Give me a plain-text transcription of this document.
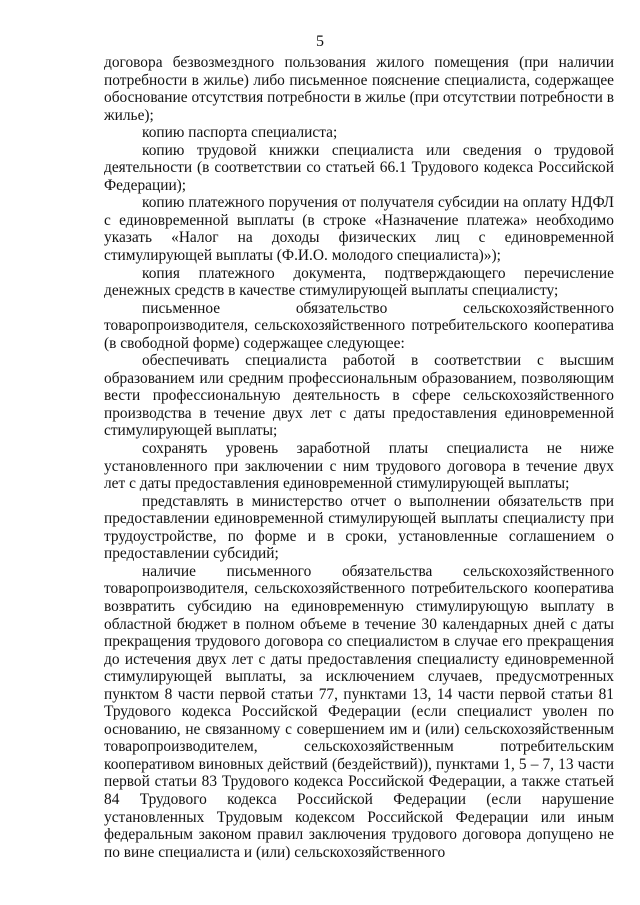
5

договора безвозмездного пользования жилого помещения (при наличии потребности в жилье) либо письменное пояснение специалиста, содержащее обоснование отсутствия потребности в жилье (при отсутствии потребности в жилье);

копию паспорта специалиста;

копию трудовой книжки специалиста или сведения о трудовой деятельности (в соответствии со статьей 66.1 Трудового кодекса Российской Федерации);

копию платежного поручения от получателя субсидии на оплату НДФЛ с единовременной выплаты (в строке «Назначение платежа» необходимо указать «Налог на доходы физических лиц с единовременной стимулирующей выплаты (Ф.И.О. молодого специалиста)»);

копия платежного документа, подтверждающего перечисление денежных средств в качестве стимулирующей выплаты специалисту;

письменное обязательство сельскохозяйственного товаропроизводителя, сельскохозяйственного потребительского кооператива (в свободной форме) содержащее следующее:

обеспечивать специалиста работой в соответствии с высшим образованием или средним профессиональным образованием, позволяющим вести профессиональную деятельность в сфере сельскохозяйственного производства в течение двух лет с даты предоставления единовременной стимулирующей выплаты;

сохранять уровень заработной платы специалиста не ниже установленного при заключении с ним трудового договора в течение двух лет с даты предоставления единовременной стимулирующей выплаты;

представлять в министерство отчет о выполнении обязательств при предоставлении единовременной стимулирующей выплаты специалисту при трудоустройстве, по форме и в сроки, установленные соглашением о предоставлении субсидий;

наличие письменного обязательства сельскохозяйственного товаропроизводителя, сельскохозяйственного потребительского кооператива возвратить субсидию на единовременную стимулирующую выплату в областной бюджет в полном объеме в течение 30 календарных дней с даты прекращения трудового договора со специалистом в случае его прекращения до истечения двух лет с даты предоставления специалисту единовременной стимулирующей выплаты, за исключением случаев, предусмотренных пунктом 8 части первой статьи 77, пунктами 13, 14 части первой статьи 81 Трудового кодекса Российской Федерации (если специалист уволен по основанию, не связанному с совершением им и (или) сельскохозяйственным товаропроизводителем, сельскохозяйственным потребительским кооперативом виновных действий (бездействий)), пунктами 1, 5 – 7, 13 части первой статьи 83 Трудового кодекса Российской Федерации, а также статьей 84 Трудового кодекса Российской Федерации (если нарушение установленных Трудовым кодексом Российской Федерации или иным федеральным законом правил заключения трудового договора допущено не по вине специалиста и (или) сельскохозяйственного
